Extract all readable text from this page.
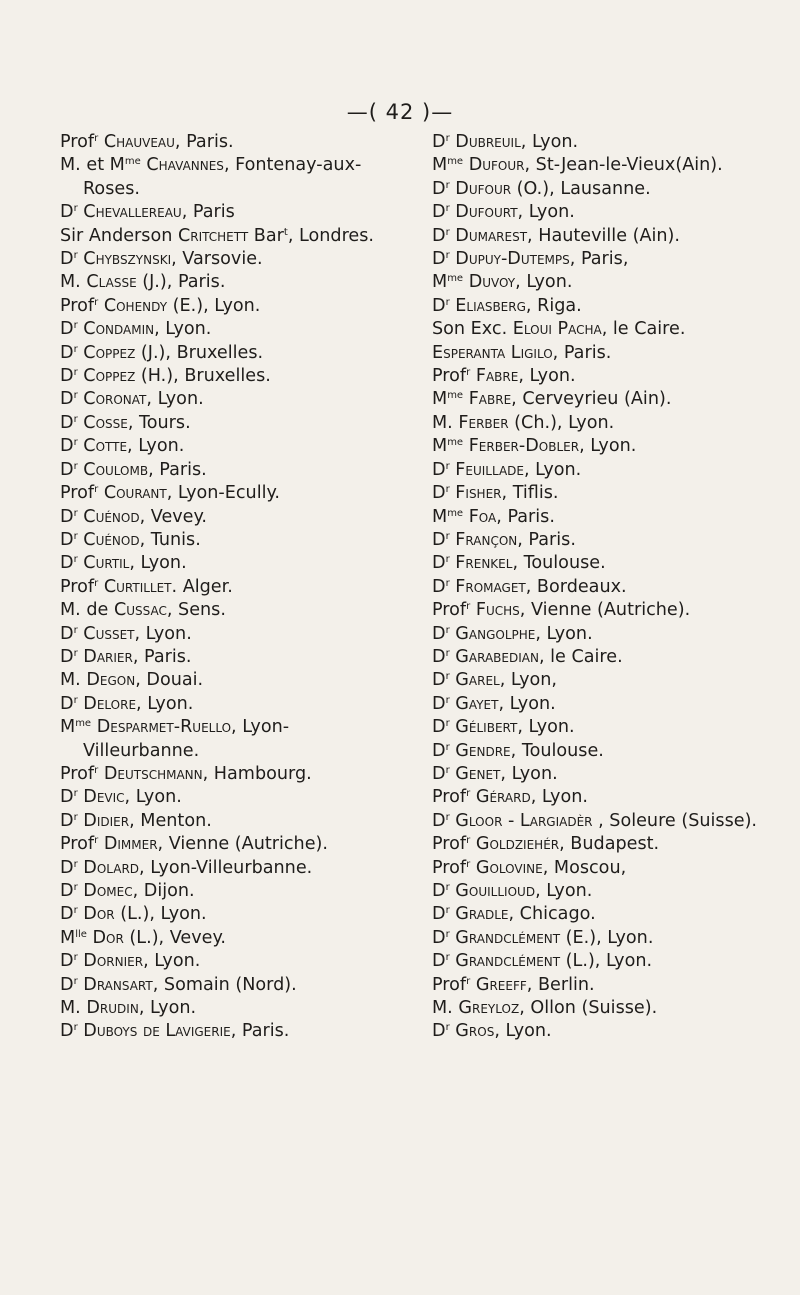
—( 42 )—
Prof$^r$ Chauveau, Paris.
M. et $M^{me}$ Chavannes, Fontenay-aux-Roses.
$D^r$ Chevallereau, Paris
Sir Anderson Critchett Bar$^t$, Londres.
$D^r$ Chybszynski, Varsovie.
M. Classe (J.), Paris.
Prof$^r$ Cohendy (E.), Lyon.
$D^r$ Condamin, Lyon.
$D^r$ Coppez (J.), Bruxelles.
$D^r$ Coppez (H.), Bruxelles.
$D^r$ Coronat, Lyon.
$D^r$ Cosse, Tours.
$D^r$ Cotte, Lyon.
$D^r$ Coulomb, Paris.
Prof$^r$ Courant, Lyon-Ecully.
$D^r$ Cuénod, Vevey.
$D^r$ Cuénod, Tunis.
$D^r$ Curtil, Lyon.
Prof$^r$ Curtillet. Alger.
M. de Cussac, Sens.
$D^r$ Cusset, Lyon.
$D^r$ Darier, Paris.
M. Degon, Douai.
$D^r$ Delore, Lyon.
$M^{me}$ Desparmet-Ruello, Lyon-Villeurbanne.
Prof$^r$ Deutschmann, Hambourg.
$D^r$ Devic, Lyon.
$D^r$ Didier, Menton.
Prof$^r$ Dimmer, Vienne (Autriche).
$D^r$ Dolard, Lyon-Villeurbanne.
$D^r$ Domec, Dijon.
$D^r$ Dor (L.), Lyon.
$M^{lle}$ Dor (L.), Vevey.
$D^r$ Dornier, Lyon.
$D^r$ Dransart, Somain (Nord).
M. Drudin, Lyon.
$D^r$ Duboys de Lavigerie, Paris.
$D^r$ Dubreuil, Lyon.
$M^{me}$ Dufour, St-Jean-le-Vieux(Ain).
$D^r$ Dufour (O.), Lausanne.
$D^r$ Dufourt, Lyon.
$D^r$ Dumarest, Hauteville (Ain).
$D^r$ Dupuy-Dutemps, Paris,
$M^{me}$ Duvoy, Lyon.
$D^r$ Eliasberg, Riga.
Son Exc. Eloui Pacha, le Caire.
Esperanta Ligilo, Paris.
Prof$^r$ Fabre, Lyon.
$M^{me}$ Fabre, Cerveyrieu (Ain).
M. Ferber (Ch.), Lyon.
$M^{me}$ Ferber-Dobler, Lyon.
$D^r$ Feuillade, Lyon.
$D^r$ Fisher, Tiflis.
$M^{me}$ Foa, Paris.
$D^r$ Françon, Paris.
$D^r$ Frenkel, Toulouse.
$D^r$ Fromaget, Bordeaux.
Prof$^r$ Fuchs, Vienne (Autriche).
$D^r$ Gangolphe, Lyon.
$D^r$ Garabedian, le Caire.
$D^r$ Garel, Lyon,
$D^r$ Gayet, Lyon.
$D^r$ Gélibert, Lyon.
$D^r$ Gendre, Toulouse.
$D^r$ Genet, Lyon.
Prof$^r$ Gérard, Lyon.
$D^r$ Gloor - Largiadèr , Soleure (Suisse).
Prof$^r$ Goldziehér, Budapest.
Prof$^r$ Golovine, Moscou,
$D^r$ Gouillioud, Lyon.
$D^r$ Gradle, Chicago.
$D^r$ Grandclément (E.), Lyon.
$D^r$ Grandclément (L.), Lyon.
Prof$^r$ Greeff, Berlin.
M. Greyloz, Ollon (Suisse).
$D^r$ Gros, Lyon.
